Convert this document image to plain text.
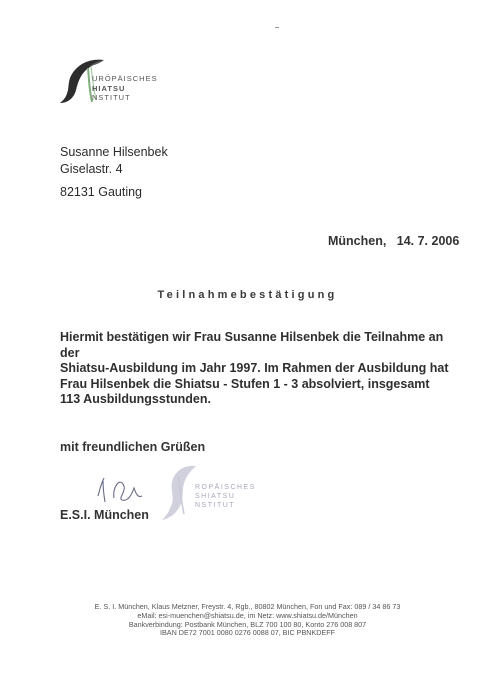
URÖPÄISCHES
HIATSU
NSTITUT
Susanne Hilsenbek
Giselastr. 4
82131 Gauting
München,   14. 7. 2006
Teilnahmebestätigung
Hiermit bestätigen wir Frau Susanne Hilsenbek die Teilnahme an der
Shiatsu-Ausbildung im Jahr 1997. Im Rahmen der Ausbildung hat
Frau Hilsenbek die Shiatsu - Stufen 1 - 3 absolviert, insgesamt
113 Ausbildungsstunden.
mit freundlichen Grüßen
ROPÄISCHES
SHIATSU
NSTITUT
E.S.I. München
E. S. I. München, Klaus Metzner, Freystr. 4, Rgb., 80802 München, Fon und Fax: 089 / 34 86 73
eMail: esi-muenchen@shiatsu.de, im Netz: www.shiatsu.de/München
Bankverbindung: Postbank München, BLZ 700 100 80, Konto 276 008 807
IBAN DE72 7001 0080 0276 0088 07, BIC PBNKDEFF
